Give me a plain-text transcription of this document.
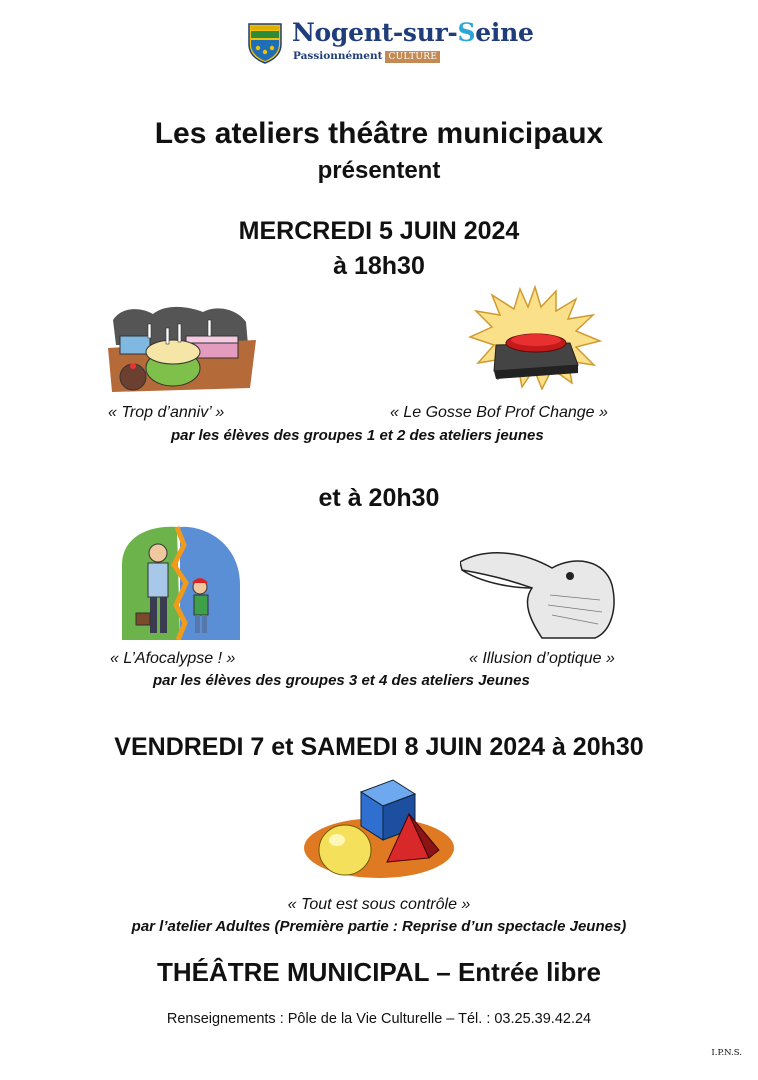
Nogent-sur-Seine
Passionnément CULTURE
Les ateliers théâtre municipaux
présentent
MERCREDI 5 JUIN 2024
à 18h30
« Trop d’anniv’ »	« Le Gosse Bof Prof Change »
par les élèves des groupes 1 et 2 des ateliers jeunes
et à 20h30
« L’Afocalypse ! »	« Illusion d’optique »
par les élèves des groupes 3 et 4 des ateliers Jeunes
VENDREDI 7 et SAMEDI 8 JUIN 2024 à 20h30
« Tout est sous contrôle »
par l’atelier Adultes (Première partie : Reprise d’un spectacle Jeunes)
THÉÂTRE MUNICIPAL – Entrée libre
Renseignements : Pôle de la Vie Culturelle – Tél. : 03.25.39.42.24
I.P.N.S.
